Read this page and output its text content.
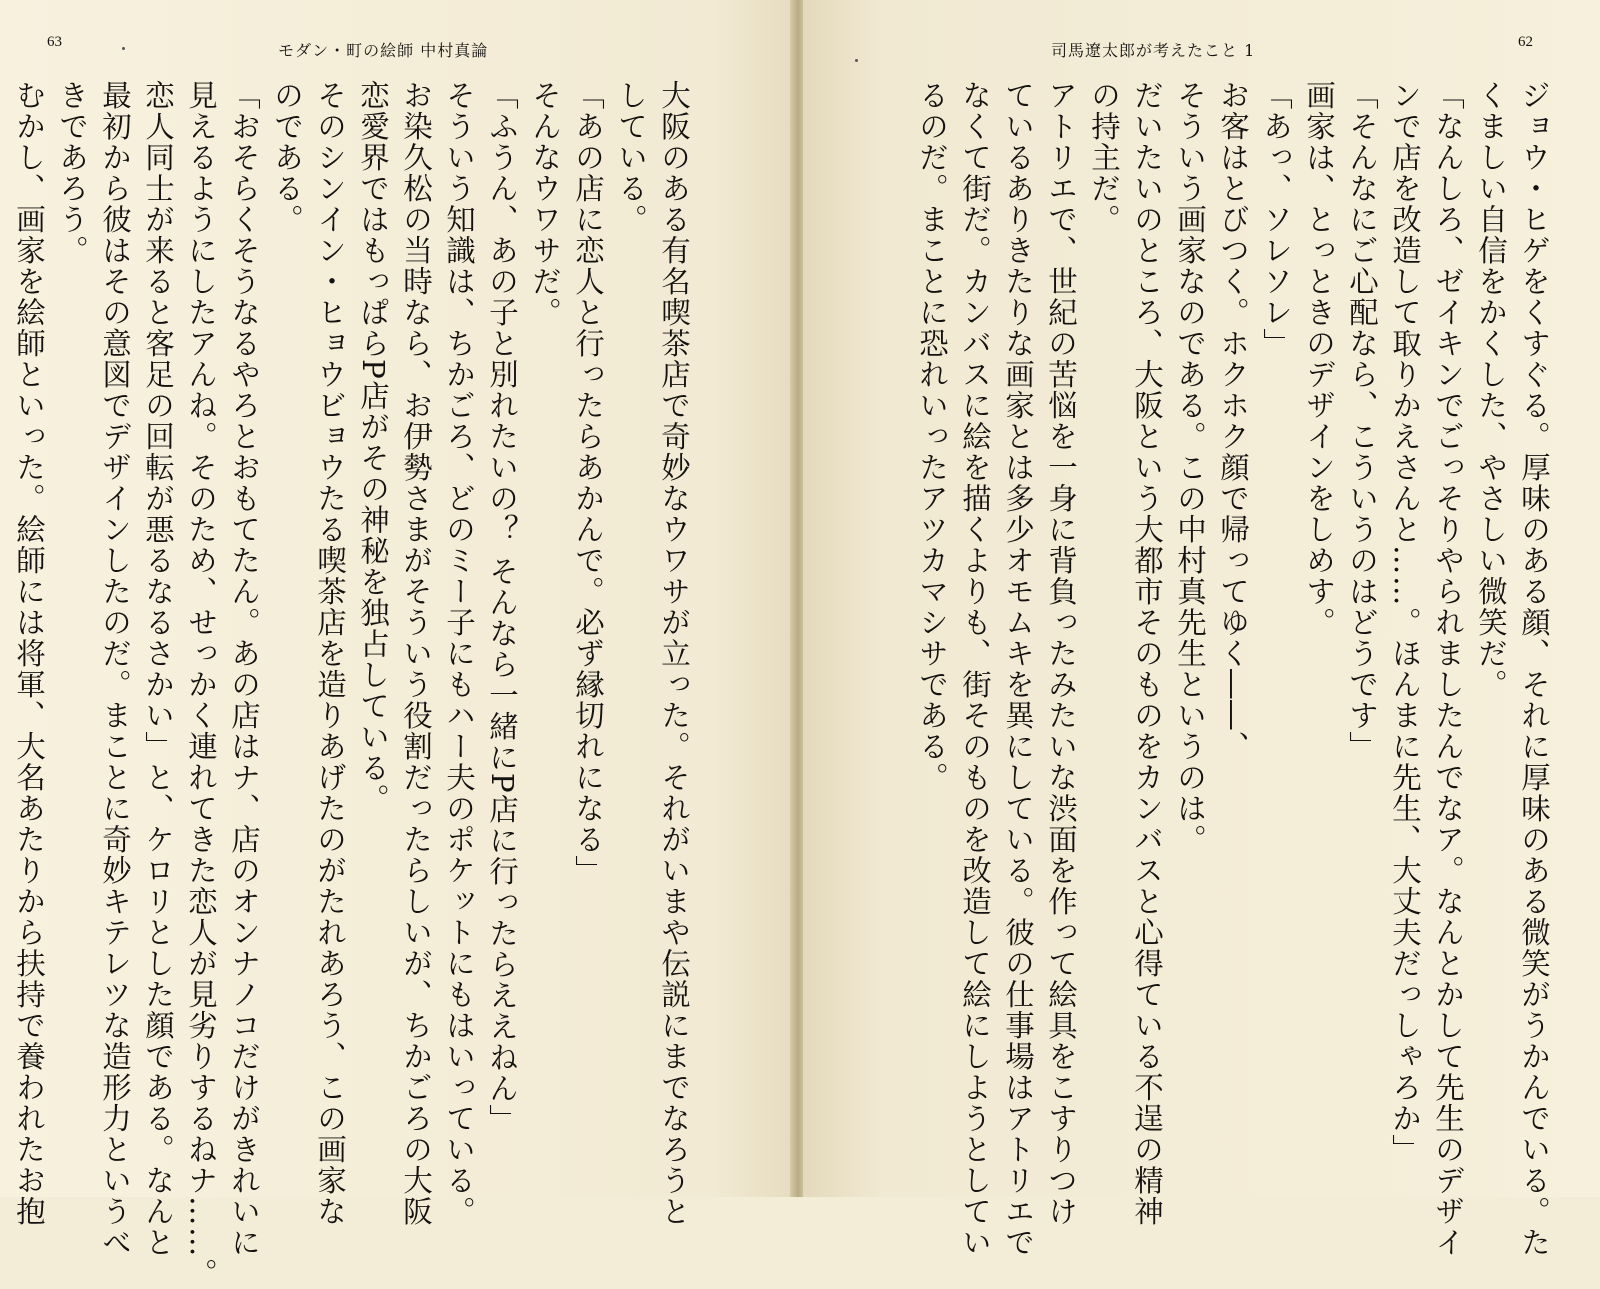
63	モダン・町の絵師 中村真論
大阪のある有名喫茶店で奇妙なウワサが立った。それがいまや伝説にまでなろうと
している。
「あの店に恋人と行ったらあかんで。必ず縁切れになる」
そんなウワサだ。
「ふうん、あの子と別れたいの？ そんなら一緒にP店に行ったらええねん」
そういう知識は、ちかごろ、どのミー子にもハー夫のポケットにもはいっている。
お染久松の当時なら、お伊勢さまがそういう役割だったらしいが、ちかごろの大阪
恋愛界ではもっぱらP店がその神秘を独占している。
そのシンイン・ヒョウビョウたる喫茶店を造りあげたのがたれあろう、この画家な
のである。
「おそらくそうなるやろとおもてたん。あの店はナ、店のオンナノコだけがきれいに
見えるようにしたアんね。そのため、せっかく連れてきた恋人が見劣りするねナ……。
恋人同士が来ると客足の回転が悪るなるさかい」と、ケロリとした顔である。なんと
最初から彼はその意図でデザインしたのだ。まことに奇妙キテレツな造形力というべ
きであろう。
むかし、画家を絵師といった。絵師には将軍、大名あたりから扶持で養われたお抱
司馬遼太郎が考えたこと 1	62
ジョウ・ヒゲをくすぐる。厚味のある顔、それに厚味のある微笑がうかんでいる。た
くましい自信をかくした、やさしい微笑だ。
「なんしろ、ゼイキンでごっそりやられましたんでなア。なんとかして先生のデザイ
ンで店を改造して取りかえさんと……。ほんまに先生、大丈夫だっしゃろか」
「そんなにご心配なら、こういうのはどうです」
画家は、とっときのデザインをしめす。
「あっ、ソレソレ」
お客はとびつく。ホクホク顔で帰ってゆく――、
そういう画家なのである。この中村真先生というのは。
だいたいのところ、大阪という大都市そのものをカンバスと心得ている不逞の精神
の持主だ。
アトリエで、世紀の苦悩を一身に背負ったみたいな渋面を作って絵具をこすりつけ
ているありきたりな画家とは多少オモムキを異にしている。彼の仕事場はアトリエで
なくて街だ。カンバスに絵を描くよりも、街そのものを改造して絵にしようとしてい
るのだ。まことに恐れいったアツカマシサである。
